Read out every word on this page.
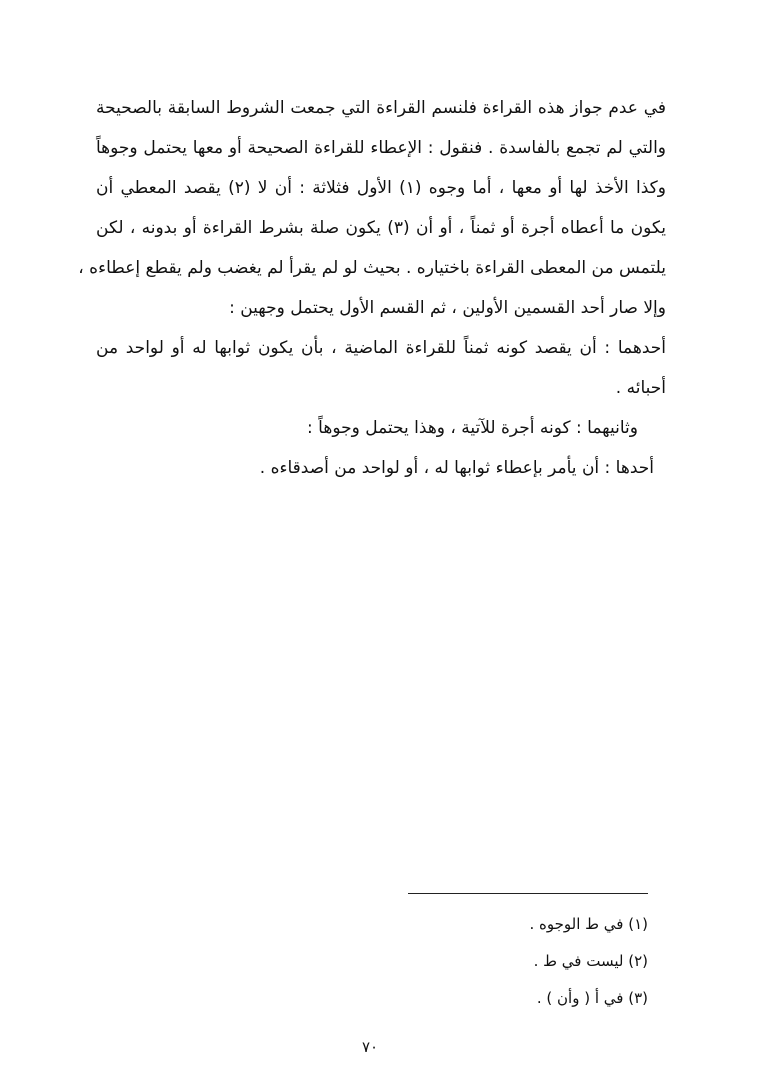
في عدم جواز هذه القراءة فلنسم القراءة التي جمعت الشروط السابقة بالصحيحة
والتي لم تجمع بالفاسدة . فنقول : الإعطاء للقراءة الصحيحة أو معها يحتمل وجوهاً
وكذا الأخذ لها أو معها ، أما وجوه (١) الأول فثلاثة : أن لا (٢) يقصد المعطي أن
يكون ما أعطاه أجرة أو ثمناً ، أو أن (٣) يكون صلة بشرط القراءة أو بدونه ، لكن
يلتمس من المعطى القراءة باختياره . بحيث لو لم يقرأ لم يغضب ولم يقطع إعطاءه ،
وإلا صار أحد القسمين الأولين ، ثم القسم الأول يحتمل وجهين :
أحدهما : أن يقصد كونه ثمناً للقراءة الماضية ، بأن يكون ثوابها له أو لواحد من
أحبائه .
وثانيهما : كونه أجرة للآتية ، وهذا يحتمل وجوهاً :
أحدها : أن يأمر بإعطاء ثوابها له ، أو لواحد من أصدقاءه .
(١) في ط الوجوه .
(٢) ليست في ط .
(٣) في أ ( وأن ) .
٧٠
